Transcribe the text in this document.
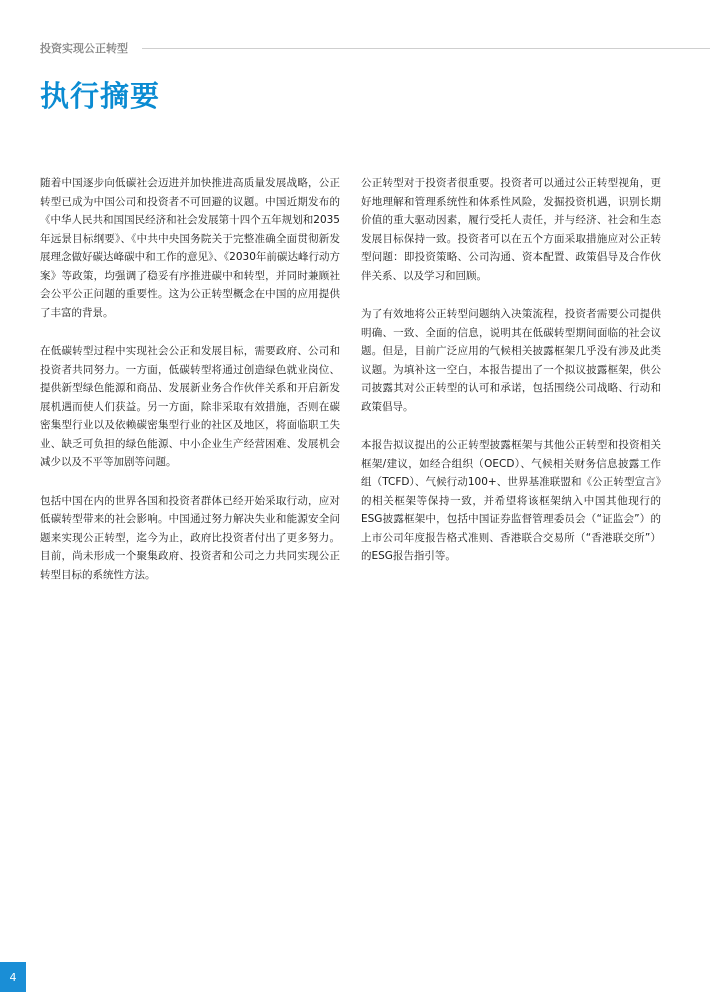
投资实现公正转型
执行摘要

随着中国逐步向低碳社会迈进并加快推进高质量发展战略，公正转型已成为中国公司和投资者不可回避的议题。中国近期发布的《中华人民共和国国民经济和社会发展第十四个五年规划和2035年远景目标纲要》、《中共中央国务院关于完整准确全面贯彻新发展理念做好碳达峰碳中和工作的意见》、《2030年前碳达峰行动方案》等政策，均强调了稳妥有序推进碳中和转型，并同时兼顾社会公平公正问题的重要性。这为公正转型概念在中国的应用提供了丰富的背景。

在低碳转型过程中实现社会公正和发展目标，需要政府、公司和投资者共同努力。一方面，低碳转型将通过创造绿色就业岗位、提供新型绿色能源和商品、发展新业务合作伙伴关系和开启新发展机遇而使人们获益。另一方面，除非采取有效措施，否则在碳密集型行业以及依赖碳密集型行业的社区及地区，将面临职工失业、缺乏可负担的绿色能源、中小企业生产经营困难、发展机会减少以及不平等加剧等问题。

包括中国在内的世界各国和投资者群体已经开始采取行动，应对低碳转型带来的社会影响。中国通过努力解决失业和能源安全问题来实现公正转型，迄今为止，政府比投资者付出了更多努力。目前，尚未形成一个聚集政府、投资者和公司之力共同实现公正转型目标的系统性方法。

公正转型对于投资者很重要。投资者可以通过公正转型视角，更好地理解和管理系统性和体系性风险，发掘投资机遇，识别长期价值的重大驱动因素，履行受托人责任，并与经济、社会和生态发展目标保持一致。投资者可以在五个方面采取措施应对公正转型问题：即投资策略、公司沟通、资本配置、政策倡导及合作伙伴关系、以及学习和回顾。

为了有效地将公正转型问题纳入决策流程，投资者需要公司提供明确、一致、全面的信息，说明其在低碳转型期间面临的社会议题。但是，目前广泛应用的气候相关披露框架几乎没有涉及此类议题。为填补这一空白，本报告提出了一个拟议披露框架，供公司披露其对公正转型的认可和承诺，包括围绕公司战略、行动和政策倡导。

本报告拟议提出的公正转型披露框架与其他公正转型和投资相关框架/建议，如经合组织（OECD）、气候相关财务信息披露工作组（TCFD）、气候行动100+、世界基准联盟和《公正转型宣言》的相关框架等保持一致，并希望将该框架纳入中国其他现行的ESG披露框架中，包括中国证券监督管理委员会（“证监会”）的上市公司年度报告格式准则、香港联合交易所（“香港联交所”）的ESG报告指引等。

4
